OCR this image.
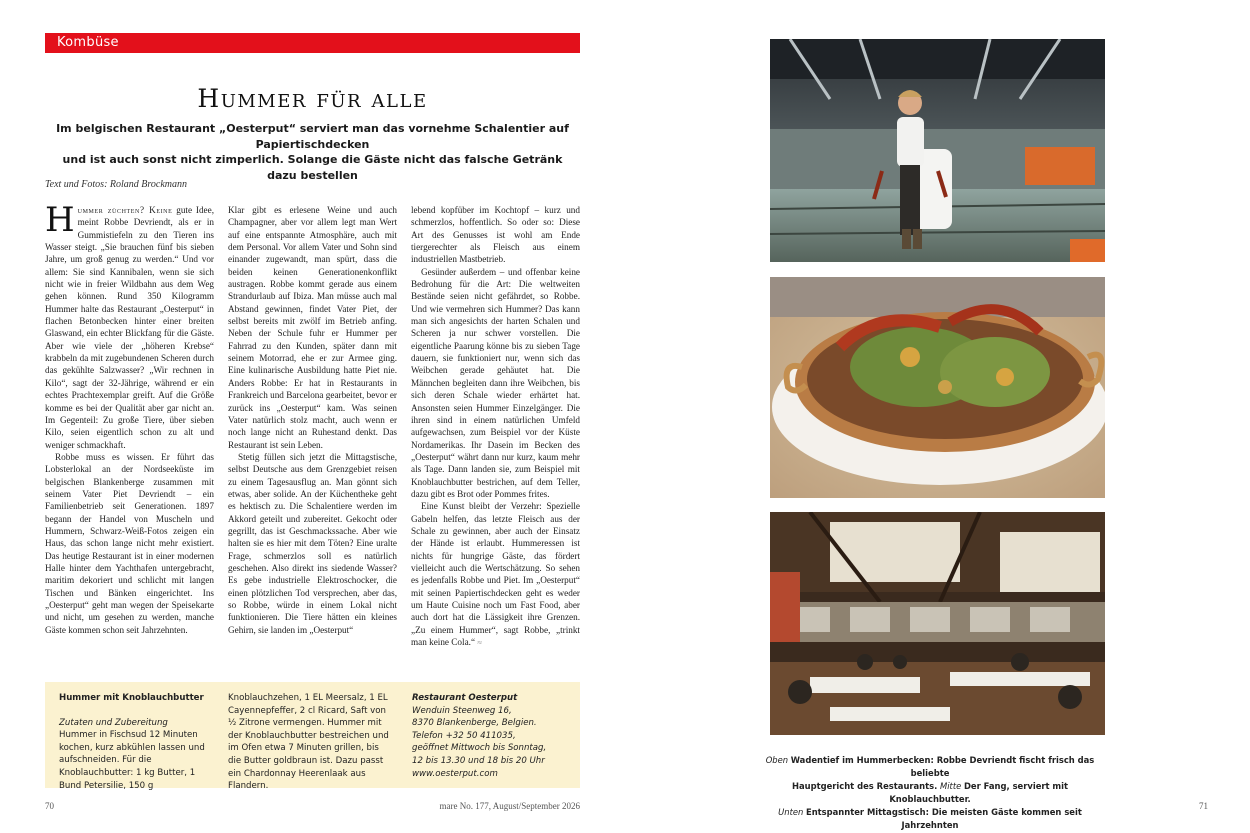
Kombüse
Hummer für alle
Im belgischen Restaurant „Oesterput“ serviert man das vornehme Schalentier auf Papiertischdecken
und ist auch sonst nicht zimperlich. Solange die Gäste nicht das falsche Getränk dazu bestellen
Text und Fotos: Roland Brockmann

Hummer züchten? Keine gute Idee, meint Robbe Devriendt, als er in Gummistiefeln zu den Tieren ins Wasser steigt. „Sie brauchen fünf bis sieben Jahre, um groß genug zu werden.“ Und vor allem: Sie sind Kannibalen, wenn sie sich nicht wie in freier Wildbahn aus dem Weg gehen können. Rund 350 Kilogramm Hummer halte das Restaurant „Oesterput“ in flachen Betonbecken hinter einer breiten Glaswand, ein echter Blickfang für die Gäste. Aber wie viele der „höheren Krebse“ krabbeln da mit zugebundenen Scheren durch das gekühlte Salzwasser? „Wir rechnen in Kilo“, sagt der 32-Jährige, während er ein echtes Prachtexemplar greift. Auf die Größe komme es bei der Qualität aber gar nicht an. Im Gegenteil: Zu große Tiere, über sieben Kilo, seien eigentlich schon zu alt und weniger schmackhaft.

Robbe muss es wissen. Er führt das Lobsterlokal an der Nordseeküste im belgischen Blankenberge zusammen mit seinem Vater Piet Devriendt – ein Familienbetrieb seit Generationen. 1897 begann der Handel von Muscheln und Hummern, Schwarz-Weiß-Fotos zeigen ein Haus, das schon lange nicht mehr existiert. Das heutige Restaurant ist in einer modernen Halle hinter dem Yachthafen untergebracht, maritim dekoriert und schlicht mit langen Tischen und Bänken eingerichtet. Ins „Oesterput“ geht man wegen der Speisekarte und nicht, um gesehen zu werden, manche Gäste kommen schon seit Jahrzehnten.

Klar gibt es erlesene Weine und auch Champagner, aber vor allem legt man Wert auf eine entspannte Atmosphäre, auch mit dem Personal. Vor allem Vater und Sohn sind einander zugewandt, man spürt, dass die beiden keinen Generationenkonflikt austragen. Robbe kommt gerade aus einem Strandurlaub auf Ibiza. Man müsse auch mal Abstand gewinnen, findet Vater Piet, der selbst bereits mit zwölf im Betrieb anfing. Neben der Schule fuhr er Hummer per Fahrrad zu den Kunden, später dann mit seinem Motorrad, ehe er zur Armee ging. Eine kulinarische Ausbildung hatte Piet nie. Anders Robbe: Er hat in Restaurants in Frankreich und Barcelona gearbeitet, bevor er zurück ins „Oesterput“ kam. Was seinen Vater natürlich stolz macht, auch wenn er noch lange nicht an Ruhestand denkt. Das Restaurant ist sein Leben.

Stetig füllen sich jetzt die Mittagstische, selbst Deutsche aus dem Grenzgebiet reisen zu einem Tagesausflug an. Man gönnt sich etwas, aber solide. An der Küchentheke geht es hektisch zu. Die Schalentiere werden im Akkord geteilt und zubereitet. Gekocht oder gegrillt, das ist Geschmackssache. Aber wie halten sie es hier mit dem Töten? Eine uralte Frage, schmerzlos soll es natürlich geschehen. Also direkt ins siedende Wasser? Es gebe industrielle Elektroschocker, die einen plötzlichen Tod versprechen, aber das, so Robbe, würde in einem Lokal nicht funktionieren. Die Tiere hätten ein kleines Gehirn, sie landen im „Oesterput“

lebend kopfüber im Kochtopf – kurz und schmerzlos, hoffentlich. So oder so: Diese Art des Genusses ist wohl am Ende tiergerechter als Fleisch aus einem industriellen Mastbetrieb.

Gesünder außerdem – und offenbar keine Bedrohung für die Art: Die weltweiten Bestände seien nicht gefährdet, so Robbe. Und wie vermehren sich Hummer? Das kann man sich angesichts der harten Schalen und Scheren ja nur schwer vorstellen. Die eigentliche Paarung könne bis zu sieben Tage dauern, sie funktioniert nur, wenn sich das Weibchen gerade gehäutet hat. Die Männchen begleiten dann ihre Weibchen, bis sich deren Schale wieder erhärtet hat. Ansonsten seien Hummer Einzelgänger. Die ihren sind in einem natürlichen Umfeld aufgewachsen, zum Beispiel vor der Küste Nordamerikas. Ihr Dasein im Becken des „Oesterput“ währt dann nur kurz, kaum mehr als Tage. Dann landen sie, zum Beispiel mit Knoblauchbutter bestrichen, auf dem Teller, dazu gibt es Brot oder Pommes frites.

Eine Kunst bleibt der Verzehr: Spezielle Gabeln helfen, das letzte Fleisch aus der Schale zu gewinnen, aber auch der Einsatz der Hände ist erlaubt. Hummeressen ist nichts für hungrige Gäste, das fördert vielleicht auch die Wertschätzung. So sehen es jedenfalls Robbe und Piet. Im „Oesterput“ mit seinen Papiertischdecken geht es weder um Haute Cuisine noch um Fast Food, aber auch dort hat die Lässigkeit ihre Grenzen. „Zu einem Hummer“, sagt Robbe, „trinkt man keine Cola.“ ≈

Hummer mit Knoblauchbutter
Zutaten und Zubereitung
Hummer in Fischsud 12 Minuten kochen, kurz abkühlen lassen und aufschneiden. Für die Knoblauchbutter: 1 kg Butter, 1 Bund Petersilie, 150 g
Knoblauchzehen, 1 EL Meersalz, 1 EL Cayennepfeffer, 2 cl Ricard, Saft von ½ Zitrone vermengen. Hummer mit der Knoblauchbutter bestreichen und im Ofen etwa 7 Minuten grillen, bis die Butter goldbraun ist. Dazu passt ein Chardonnay Heerenlaak aus Flandern.
Restaurant Oesterput
Wenduin Steenweg 16,
8370 Blankenberge, Belgien.
Telefon +32 50 411035,
geöffnet Mittwoch bis Sonntag,
12 bis 13.30 und 18 bis 20 Uhr
www.oesterput.com
70	mare No. 177, August/September 2026
Oben Wadentief im Hummerbecken: Robbe Devriendt fischt frisch das beliebte
Hauptgericht des Restaurants. Mitte Der Fang, serviert mit Knoblauchbutter.
Unten Entspannter Mittagstisch: Die meisten Gäste kommen seit Jahrzehnten
71
